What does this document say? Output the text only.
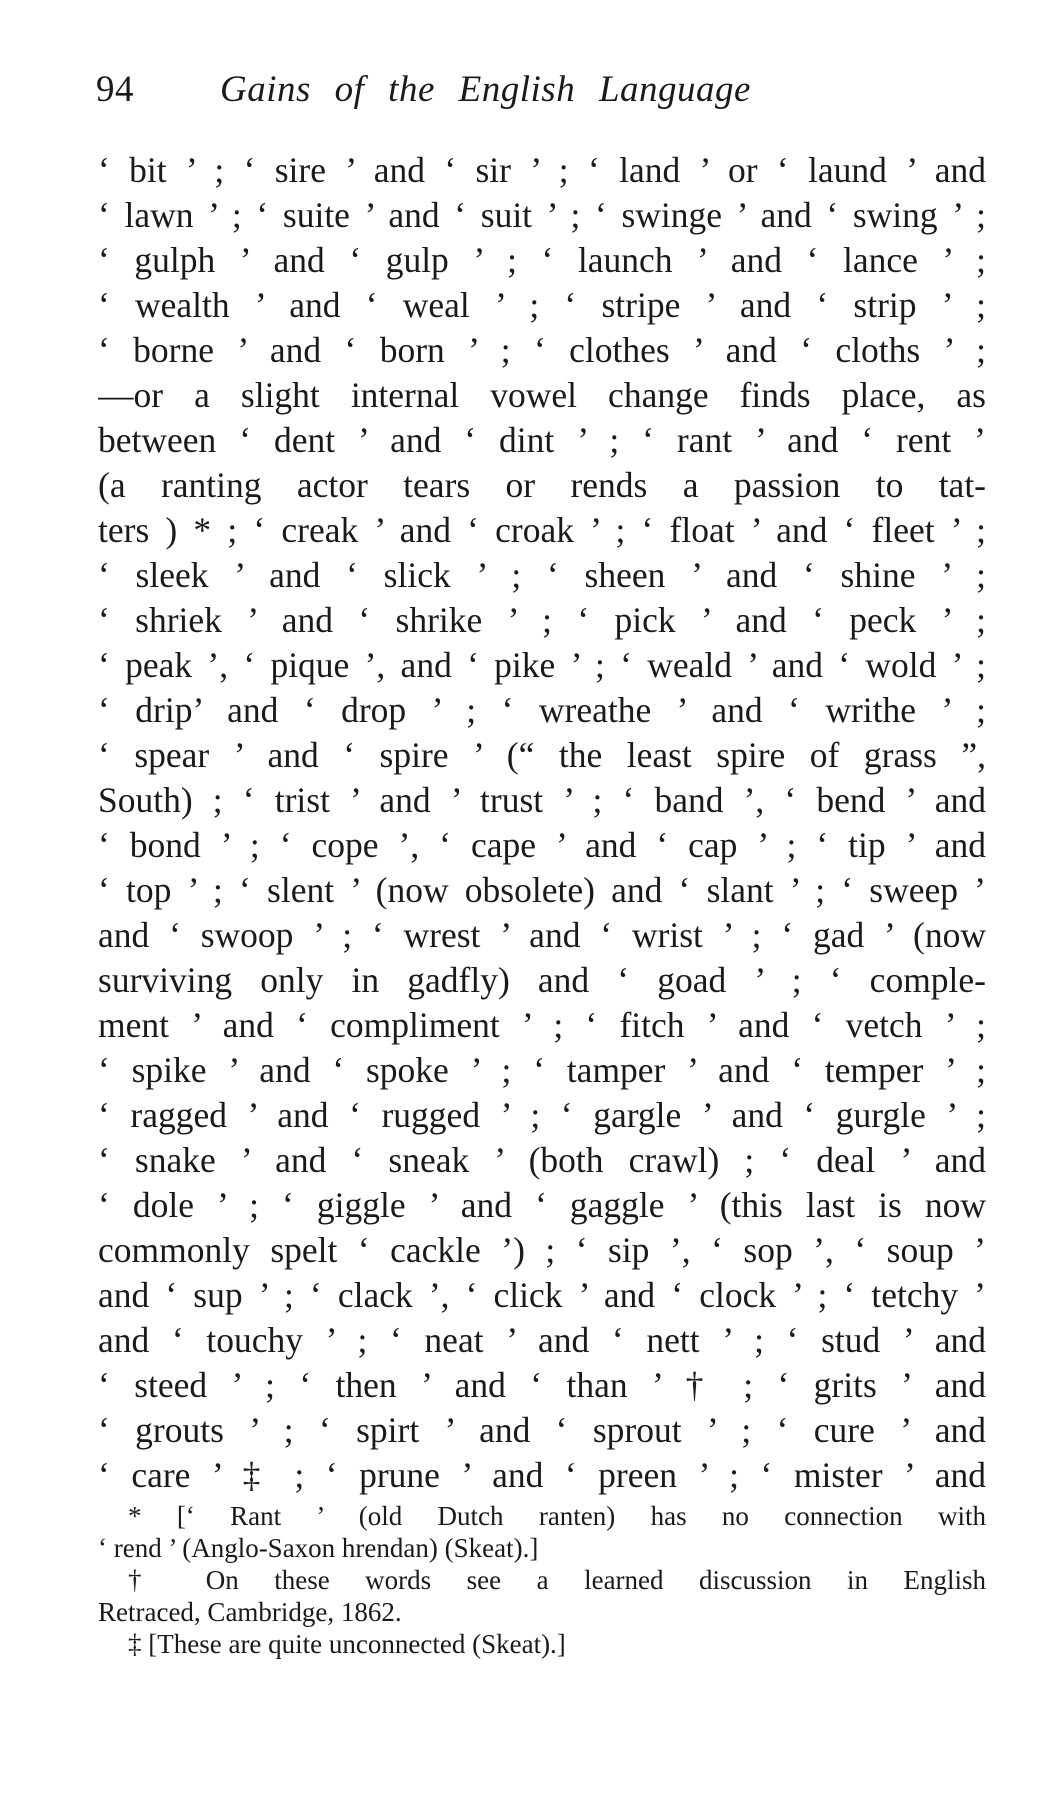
94 Gains of the English Language
‘ bit ’ ; ‘ sire ’ and ‘ sir ’ ; ‘ land ’ or ‘ laund ’ and
‘ lawn ’ ; ‘ suite ’ and ‘ suit ’ ; ‘ swinge ’ and ‘ swing ’ ;
‘ gulph ’ and ‘ gulp ’ ; ‘ launch ’ and ‘ lance ’ ;
‘ wealth ’ and ‘ weal ’ ; ‘ stripe ’ and ‘ strip ’ ;
‘ borne ’ and ‘ born ’ ; ‘ clothes ’ and ‘ cloths ’ ;
—or a slight internal vowel change finds place, as
between ‘ dent ’ and ‘ dint ’ ; ‘ rant ’ and ‘ rent ’
(a ranting actor tears or rends a passion to tat-
ters ) * ; ‘ creak ’ and ‘ croak ’ ; ‘ float ’ and ‘ fleet ’ ;
‘ sleek ’ and ‘ slick ’ ; ‘ sheen ’ and ‘ shine ’ ;
‘ shriek ’ and ‘ shrike ’ ; ‘ pick ’ and ‘ peck ’ ;
‘ peak ’, ‘ pique ’, and ‘ pike ’ ; ‘ weald ’ and ‘ wold ’ ;
‘ drip’ and ‘ drop ’ ; ‘ wreathe ’ and ‘ writhe ’ ;
‘ spear ’ and ‘ spire ’ (“ the least spire of grass ”,
South) ; ‘ trist ’ and ’ trust ’ ; ‘ band ’, ‘ bend ’ and
‘ bond ’ ; ‘ cope ’, ‘ cape ’ and ‘ cap ’ ; ‘ tip ’ and
‘ top ’ ; ‘ slent ’ (now obsolete) and ‘ slant ’ ; ‘ sweep ’
and ‘ swoop ’ ; ‘ wrest ’ and ‘ wrist ’ ; ‘ gad ’ (now
surviving only in gadfly) and ‘ goad ’ ; ‘ comple-
ment ’ and ‘ compliment ’ ; ‘ fitch ’ and ‘ vetch ’ ;
‘ spike ’ and ‘ spoke ’ ; ‘ tamper ’ and ‘ temper ’ ;
‘ ragged ’ and ‘ rugged ’ ; ‘ gargle ’ and ‘ gurgle ’ ;
‘ snake ’ and ‘ sneak ’ (both crawl) ; ‘ deal ’ and
‘ dole ’ ; ‘ giggle ’ and ‘ gaggle ’ (this last is now
commonly spelt ‘ cackle ’) ; ‘ sip ’, ‘ sop ’, ‘ soup ’
and ‘ sup ’ ; ‘ clack ’, ‘ click ’ and ‘ clock ’ ; ‘ tetchy ’
and ‘ touchy ’ ; ‘ neat ’ and ‘ nett ’ ; ‘ stud ’ and
‘ steed ’ ; ‘ then ’ and ‘ than ’ † ; ‘ grits ’ and
‘ grouts ’ ; ‘ spirt ’ and ‘ sprout ’ ; ‘ cure ’ and
‘ care ’ ‡ ; ‘ prune ’ and ‘ preen ’ ; ‘ mister ’ and
* [‘ Rant ’ (old Dutch ranten) has no connection with
‘ rend ’ (Anglo-Saxon hrendan) (Skeat).]
† On these words see a learned discussion in English
Retraced, Cambridge, 1862.
‡ [These are quite unconnected (Skeat).]
